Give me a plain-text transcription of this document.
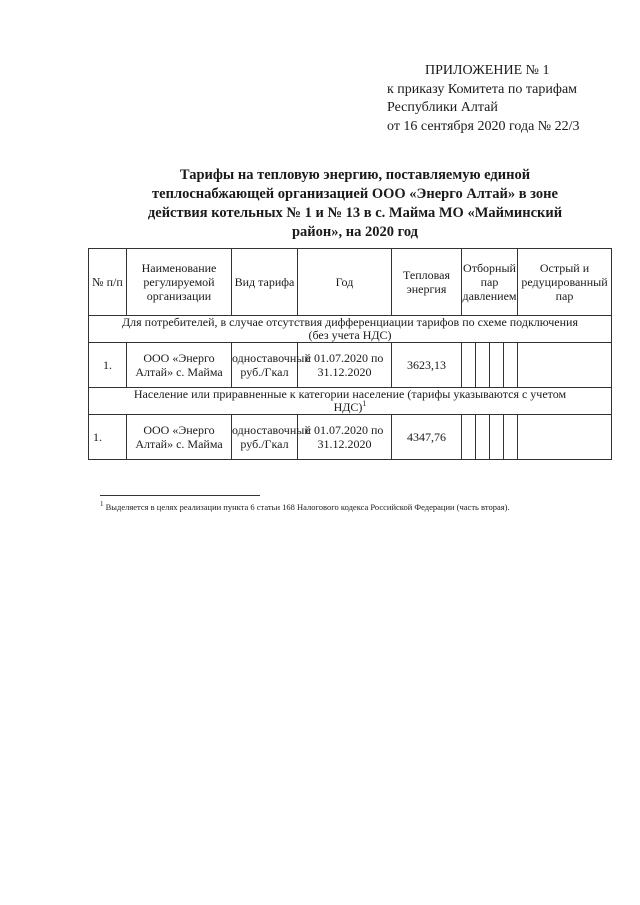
ПРИЛОЖЕНИЕ № 1
к приказу Комитета по тарифам
Республики Алтай
от 16 сентября 2020 года № 22/3
Тарифы на тепловую энергию, поставляемую единой
теплоснабжающей организацией ООО «Энерго Алтай» в зоне
действия котельных № 1 и № 13 в с. Майма МО «Майминский
район», на 2020 год
№ п/п	Наименование регулируемой организации	Вид тарифа	Год	Тепловая энергия	Отборный пар давлением				Острый и редуцированный пар

Для потребителей, в случае отсутствия дифференциации тарифов по схеме подключения
(без учета НДС)									

1.	ООО «Энерго Алтай» с. Майма	одноставочный руб./Гкал	с 01.07.2020 по 31.12.2020	3623,13					

Население или приравненные к категории население (тарифы указываются с учетом
НДС)$^1$

1.	ООО «Энерго Алтай» с. Майма	одноставочный руб./Гкал	с 01.07.2020 по 31.12.2020	4347,76					
$^1$ Выделяется в целях реализации пункта 6 статьи 168 Налогового кодекса Российской Федерации (часть вторая).
